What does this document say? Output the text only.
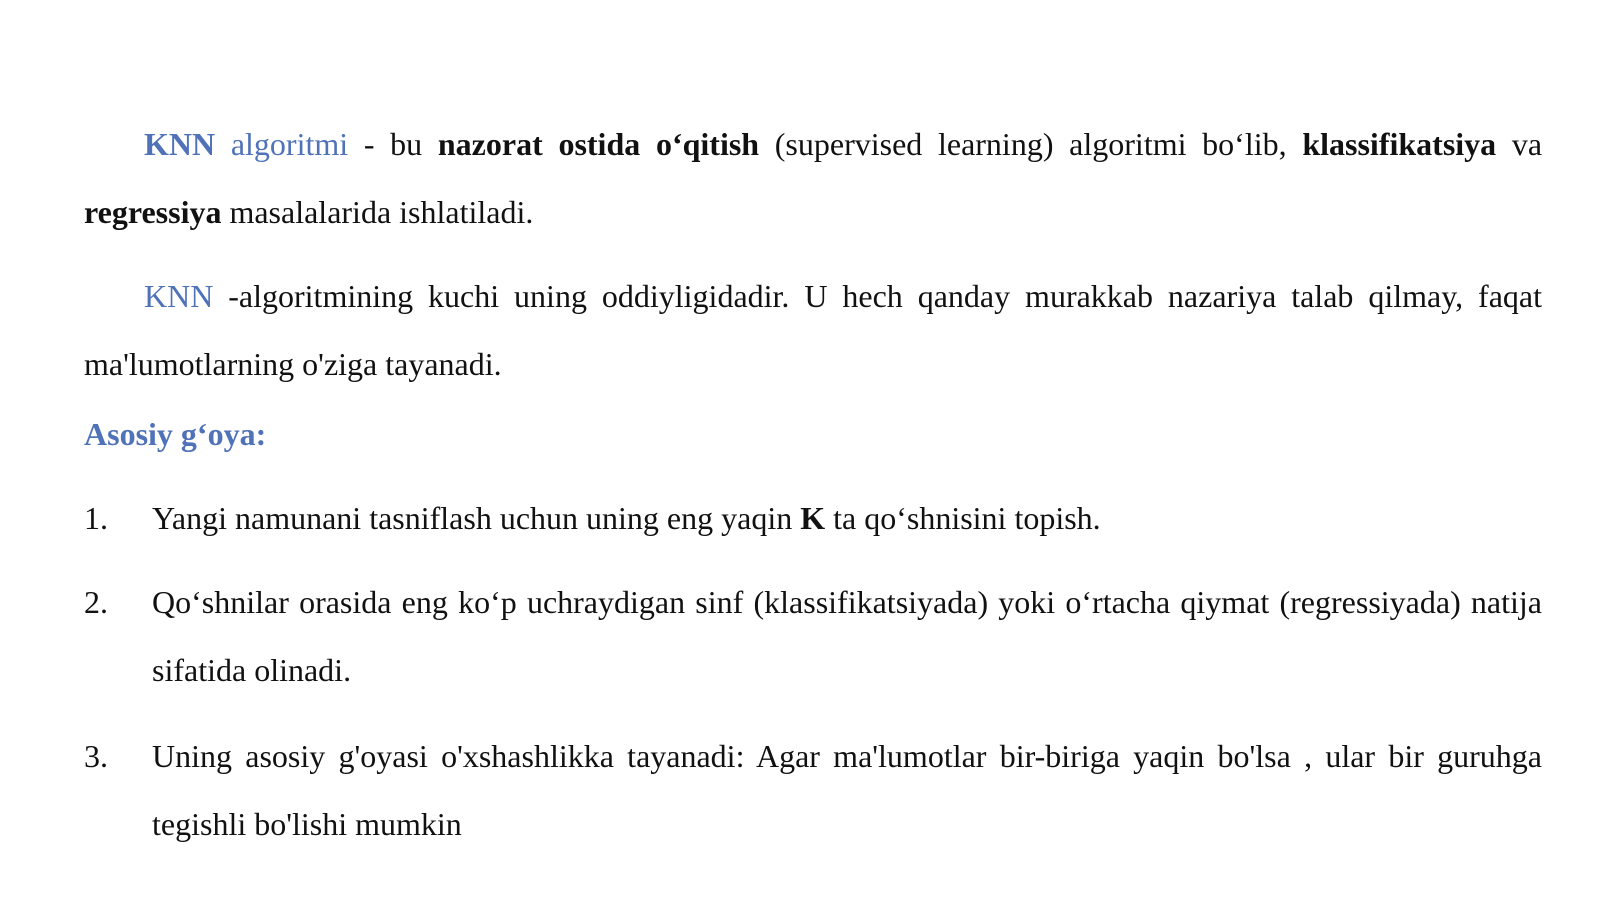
KNN algoritmi - bu nazorat ostida o‘qitish (supervised learning) algoritmi bo‘lib, klassifikatsiya va regressiya masalalarida ishlatiladi.

KNN -algoritmining kuchi uning oddiyligidadir. U hech qanday murakkab nazariya talab qilmay, faqat ma'lumotlarning o'ziga tayanadi.

Asosiy g‘oya:
1.	Yangi namunani tasniflash uchun uning eng yaqin K ta qo‘shnisini topish.
2.	Qo‘shnilar orasida eng ko‘p uchraydigan sinf (klassifikatsiyada) yoki o‘rtacha qiymat (regressiyada) natija sifatida olinadi.
3.	Uning asosiy g'oyasi o'xshashlikka tayanadi: Agar ma'lumotlar bir-biriga yaqin bo'lsa , ular bir guruhga tegishli bo'lishi mumkin
